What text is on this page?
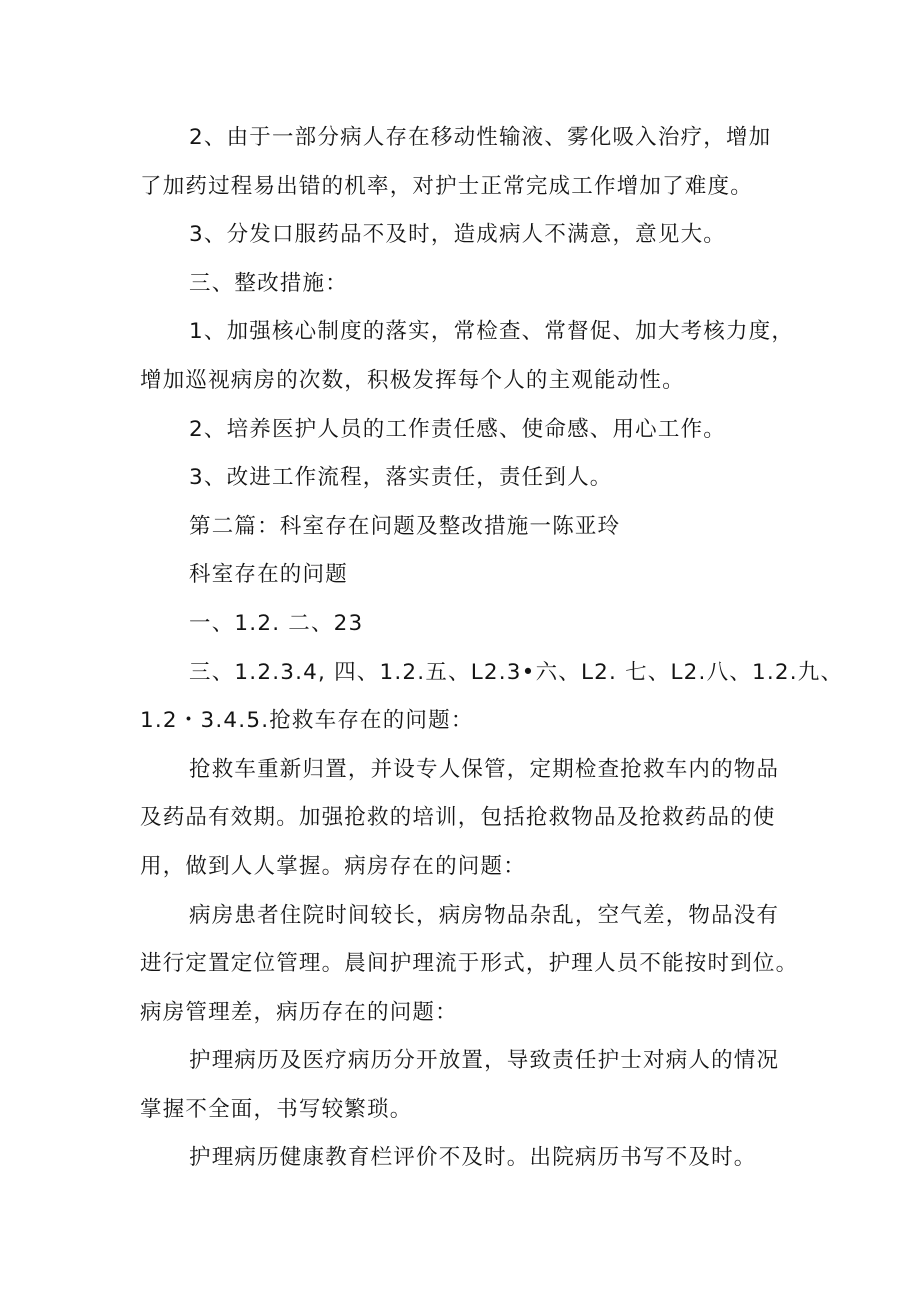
2、由于一部分病人存在移动性输液、雾化吸入治疗，增加
了加药过程易出错的机率，对护士正常完成工作增加了难度。

3、分发口服药品不及时，造成病人不满意，意见大。

三、整改措施：

1、加强核心制度的落实，常检查、常督促、加大考核力度，
增加巡视病房的次数，积极发挥每个人的主观能动性。

2、培养医护人员的工作责任感、使命感、用心工作。

3、改进工作流程，落实责任，责任到人。

第二篇：科室存在问题及整改措施一陈亚玲

科室存在的问题

一、1.2. 二、23

三、1.2.3.4, 四、1.2.五、L2.3•六、L2. 七、L2.八、1.2.九、
1.2・3.4.5.抢救车存在的问题：

抢救车重新归置，并设专人保管，定期检查抢救车内的物品
及药品有效期。加强抢救的培训，包括抢救物品及抢救药品的使
用，做到人人掌握。病房存在的问题：

病房患者住院时间较长，病房物品杂乱，空气差，物品没有
进行定置定位管理。晨间护理流于形式，护理人员不能按时到位。
病房管理差，病历存在的问题：

护理病历及医疗病历分开放置，导致责任护士对病人的情况
掌握不全面，书写较繁琐。

护理病历健康教育栏评价不及时。出院病历书写不及时。
